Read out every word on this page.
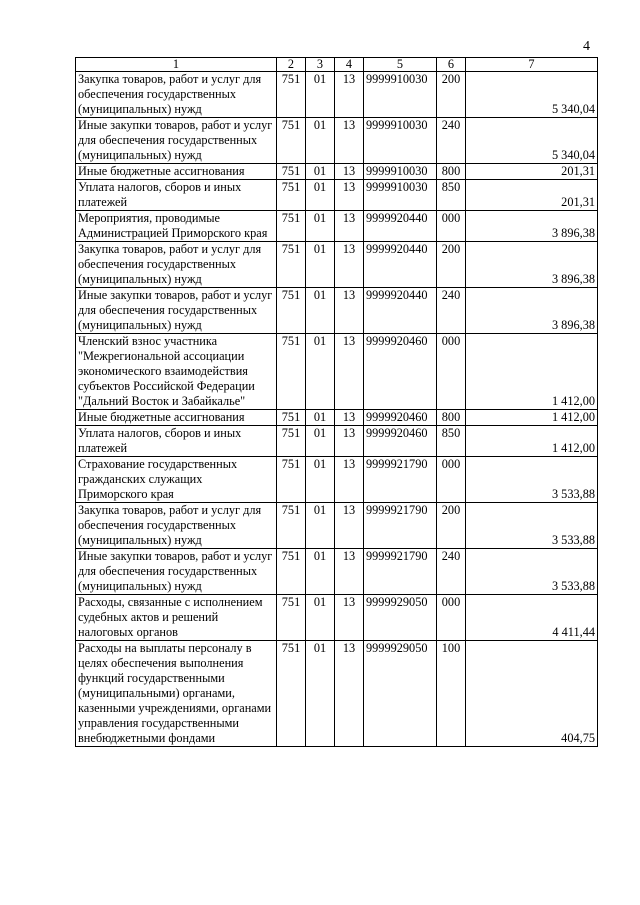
4
1	2	3	4	5	6	7
Закупка товаров, работ и услуг для обеспечения государственных (муниципальных) нужд	751	01	13	9999910030	200	5 340,04
Иные закупки товаров, работ и услуг для обеспечения государственных (муниципальных) нужд	751	01	13	9999910030	240	5 340,04
Иные бюджетные ассигнования	751	01	13	9999910030	800	201,31
Уплата налогов, сборов и иных платежей	751	01	13	9999910030	850	201,31
Мероприятия, проводимые Администрацией Приморского края	751	01	13	9999920440	000	3 896,38
Закупка товаров, работ и услуг для обеспечения государственных (муниципальных) нужд	751	01	13	9999920440	200	3 896,38
Иные закупки товаров, работ и услуг для обеспечения государственных (муниципальных) нужд	751	01	13	9999920440	240	3 896,38
Членский взнос участника "Межрегиональной ассоциации экономического взаимодействия субъектов Российской Федерации "Дальний Восток и Забайкалье"	751	01	13	9999920460	000	1 412,00
Иные бюджетные ассигнования	751	01	13	9999920460	800	1 412,00
Уплата налогов, сборов и иных платежей	751	01	13	9999920460	850	1 412,00
Страхование государственных гражданских служащих Приморского края	751	01	13	9999921790	000	3 533,88
Закупка товаров, работ и услуг для обеспечения государственных (муниципальных) нужд	751	01	13	9999921790	200	3 533,88
Иные закупки товаров, работ и услуг для обеспечения государственных (муниципальных) нужд	751	01	13	9999921790	240	3 533,88
Расходы, связанные с исполнением судебных актов и решений налоговых органов	751	01	13	9999929050	000	4 411,44
Расходы на выплаты персоналу в целях обеспечения выполнения функций государственными (муниципальными) органами, казенными учреждениями, органами управления государственными внебюджетными фондами	751	01	13	9999929050	100	404,75
